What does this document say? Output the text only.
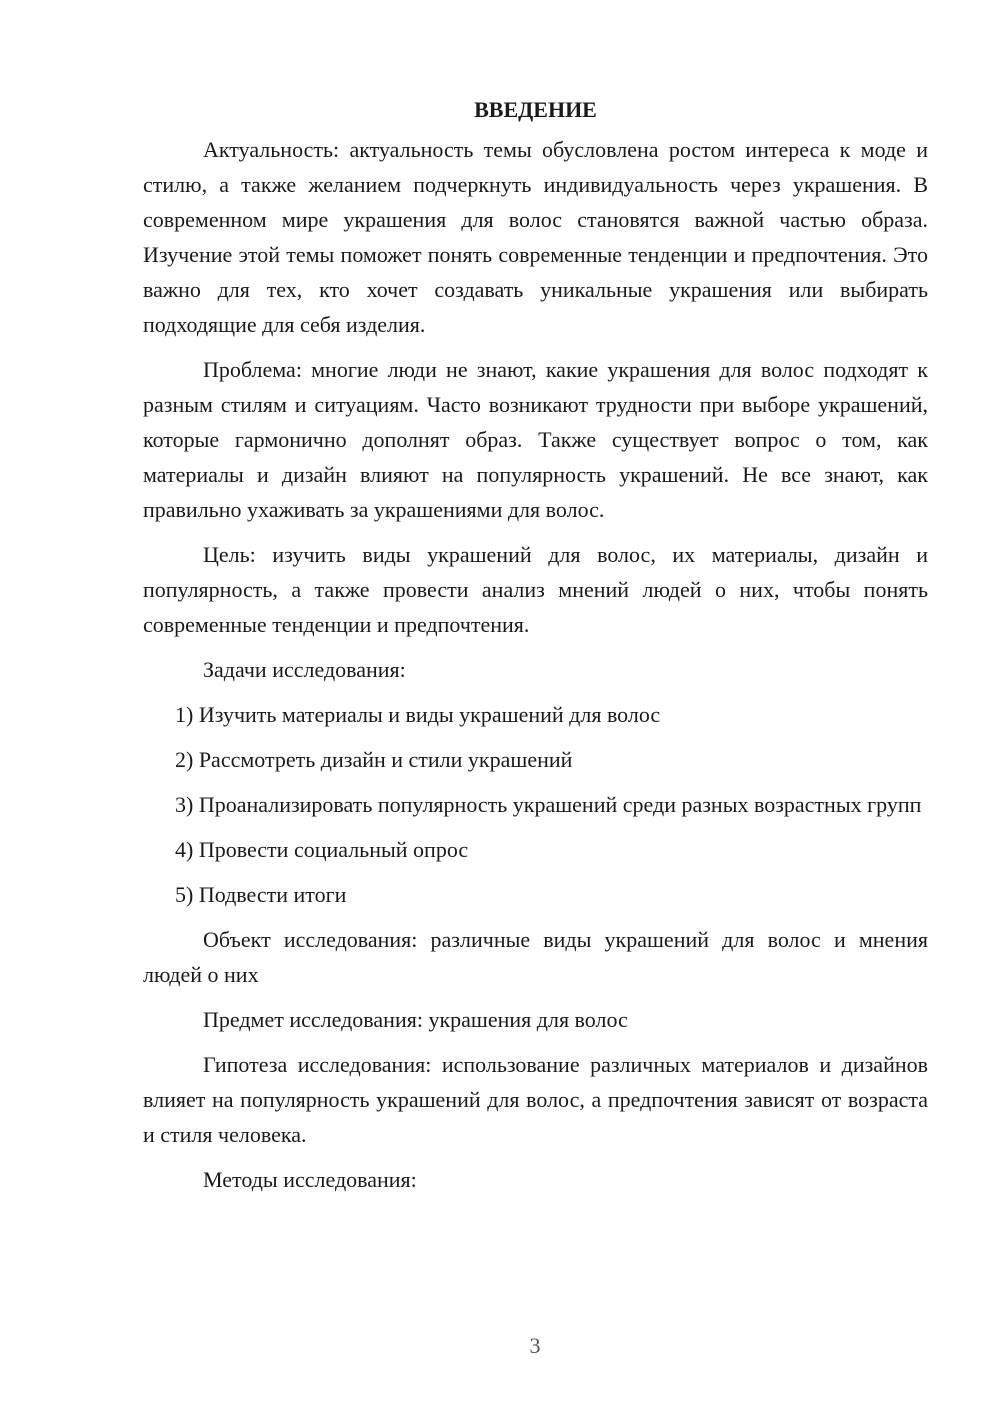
ВВЕДЕНИЕ

Актуальность: актуальность темы обусловлена ростом интереса к моде и стилю, а также желанием подчеркнуть индивидуальность через украшения. В современном мире украшения для волос становятся важной частью образа. Изучение этой темы поможет понять современные тенденции и предпочтения. Это важно для тех, кто хочет создавать уникальные украшения или выбирать подходящие для себя изделия.

Проблема: многие люди не знают, какие украшения для волос подходят к разным стилям и ситуациям. Часто возникают трудности при выборе украшений, которые гармонично дополнят образ. Также существует вопрос о том, как материалы и дизайн влияют на популярность украшений. Не все знают, как правильно ухаживать за украшениями для волос.

Цель: изучить виды украшений для волос, их материалы, дизайн и популярность, а также провести анализ мнений людей о них, чтобы понять современные тенденции и предпочтения.

Задачи исследования:

1) Изучить материалы и виды украшений для волос

2) Рассмотреть дизайн и стили украшений

3) Проанализировать популярность украшений среди разных возрастных групп

4) Провести социальный опрос

5) Подвести итоги

Объект исследования: различные виды украшений для волос и мнения людей о них

Предмет исследования: украшения для волос

Гипотеза исследования: использование различных материалов и дизайнов влияет на популярность украшений для волос, а предпочтения зависят от возраста и стиля человека.

Методы исследования:

3
